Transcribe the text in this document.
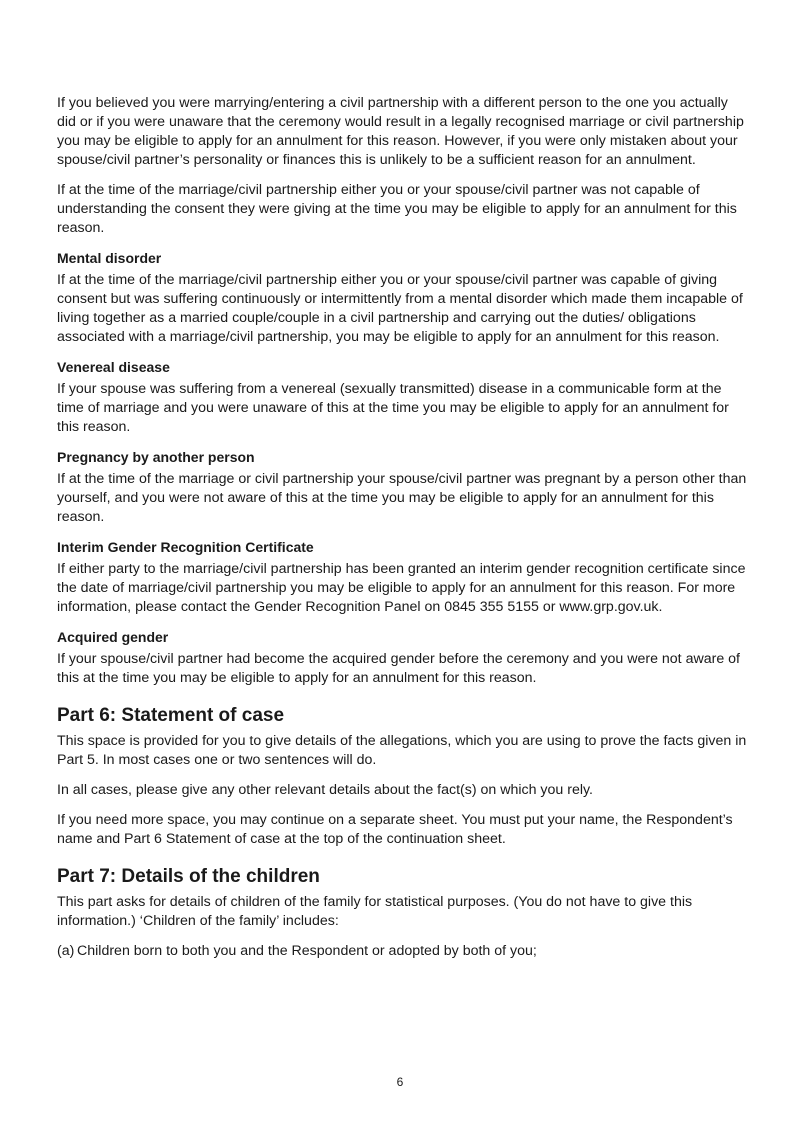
If you believed you were marrying/entering a civil partnership with a different person to the one you actually did or if you were unaware that the ceremony would result in a legally recognised marriage or civil partnership you may be eligible to apply for an annulment for this reason. However, if you were only mistaken about your spouse/civil partner’s personality or finances this is unlikely to be a sufficient reason for an annulment.

If at the time of the marriage/civil partnership either you or your spouse/civil partner was not capable of understanding the consent they were giving at the time you may be eligible to apply for an annulment for this reason.

Mental disorder

If at the time of the marriage/civil partnership either you or your spouse/civil partner was capable of giving consent but was suffering continuously or intermittently from a mental disorder which made them incapable of living together as a married couple/couple in a civil partnership and carrying out the duties/ obligations associated with a marriage/civil partnership, you may be eligible to apply for an annulment for this reason.

Venereal disease

If your spouse was suffering from a venereal (sexually transmitted) disease in a communicable form at the time of marriage and you were unaware of this at the time you may be eligible to apply for an annulment for this reason.

Pregnancy by another person

If at the time of the marriage or civil partnership your spouse/civil partner was pregnant by a person other than yourself, and you were not aware of this at the time you may be eligible to apply for an annulment for this reason.

Interim Gender Recognition Certificate

If either party to the marriage/civil partnership has been granted an interim gender recognition certificate since the date of marriage/civil partnership you may be eligible to apply for an annulment for this reason. For more information, please contact the Gender Recognition Panel on 0845 355 5155 or www.grp.gov.uk.

Acquired gender

If your spouse/civil partner had become the acquired gender before the ceremony and you were not aware of this at the time you may be eligible to apply for an annulment for this reason.

Part 6: Statement of case

This space is provided for you to give details of the allegations, which you are using to prove the facts given in Part 5. In most cases one or two sentences will do.

In all cases, please give any other relevant details about the fact(s) on which you rely.

If you need more space, you may continue on a separate sheet. You must put your name, the Respondent’s name and Part 6 Statement of case at the top of the continuation sheet.

Part 7: Details of the children

This part asks for details of children of the family for statistical purposes. (You do not have to give this information.) ‘Children of the family’ includes:

(a) Children born to both you and the Respondent or adopted by both of you;
6
